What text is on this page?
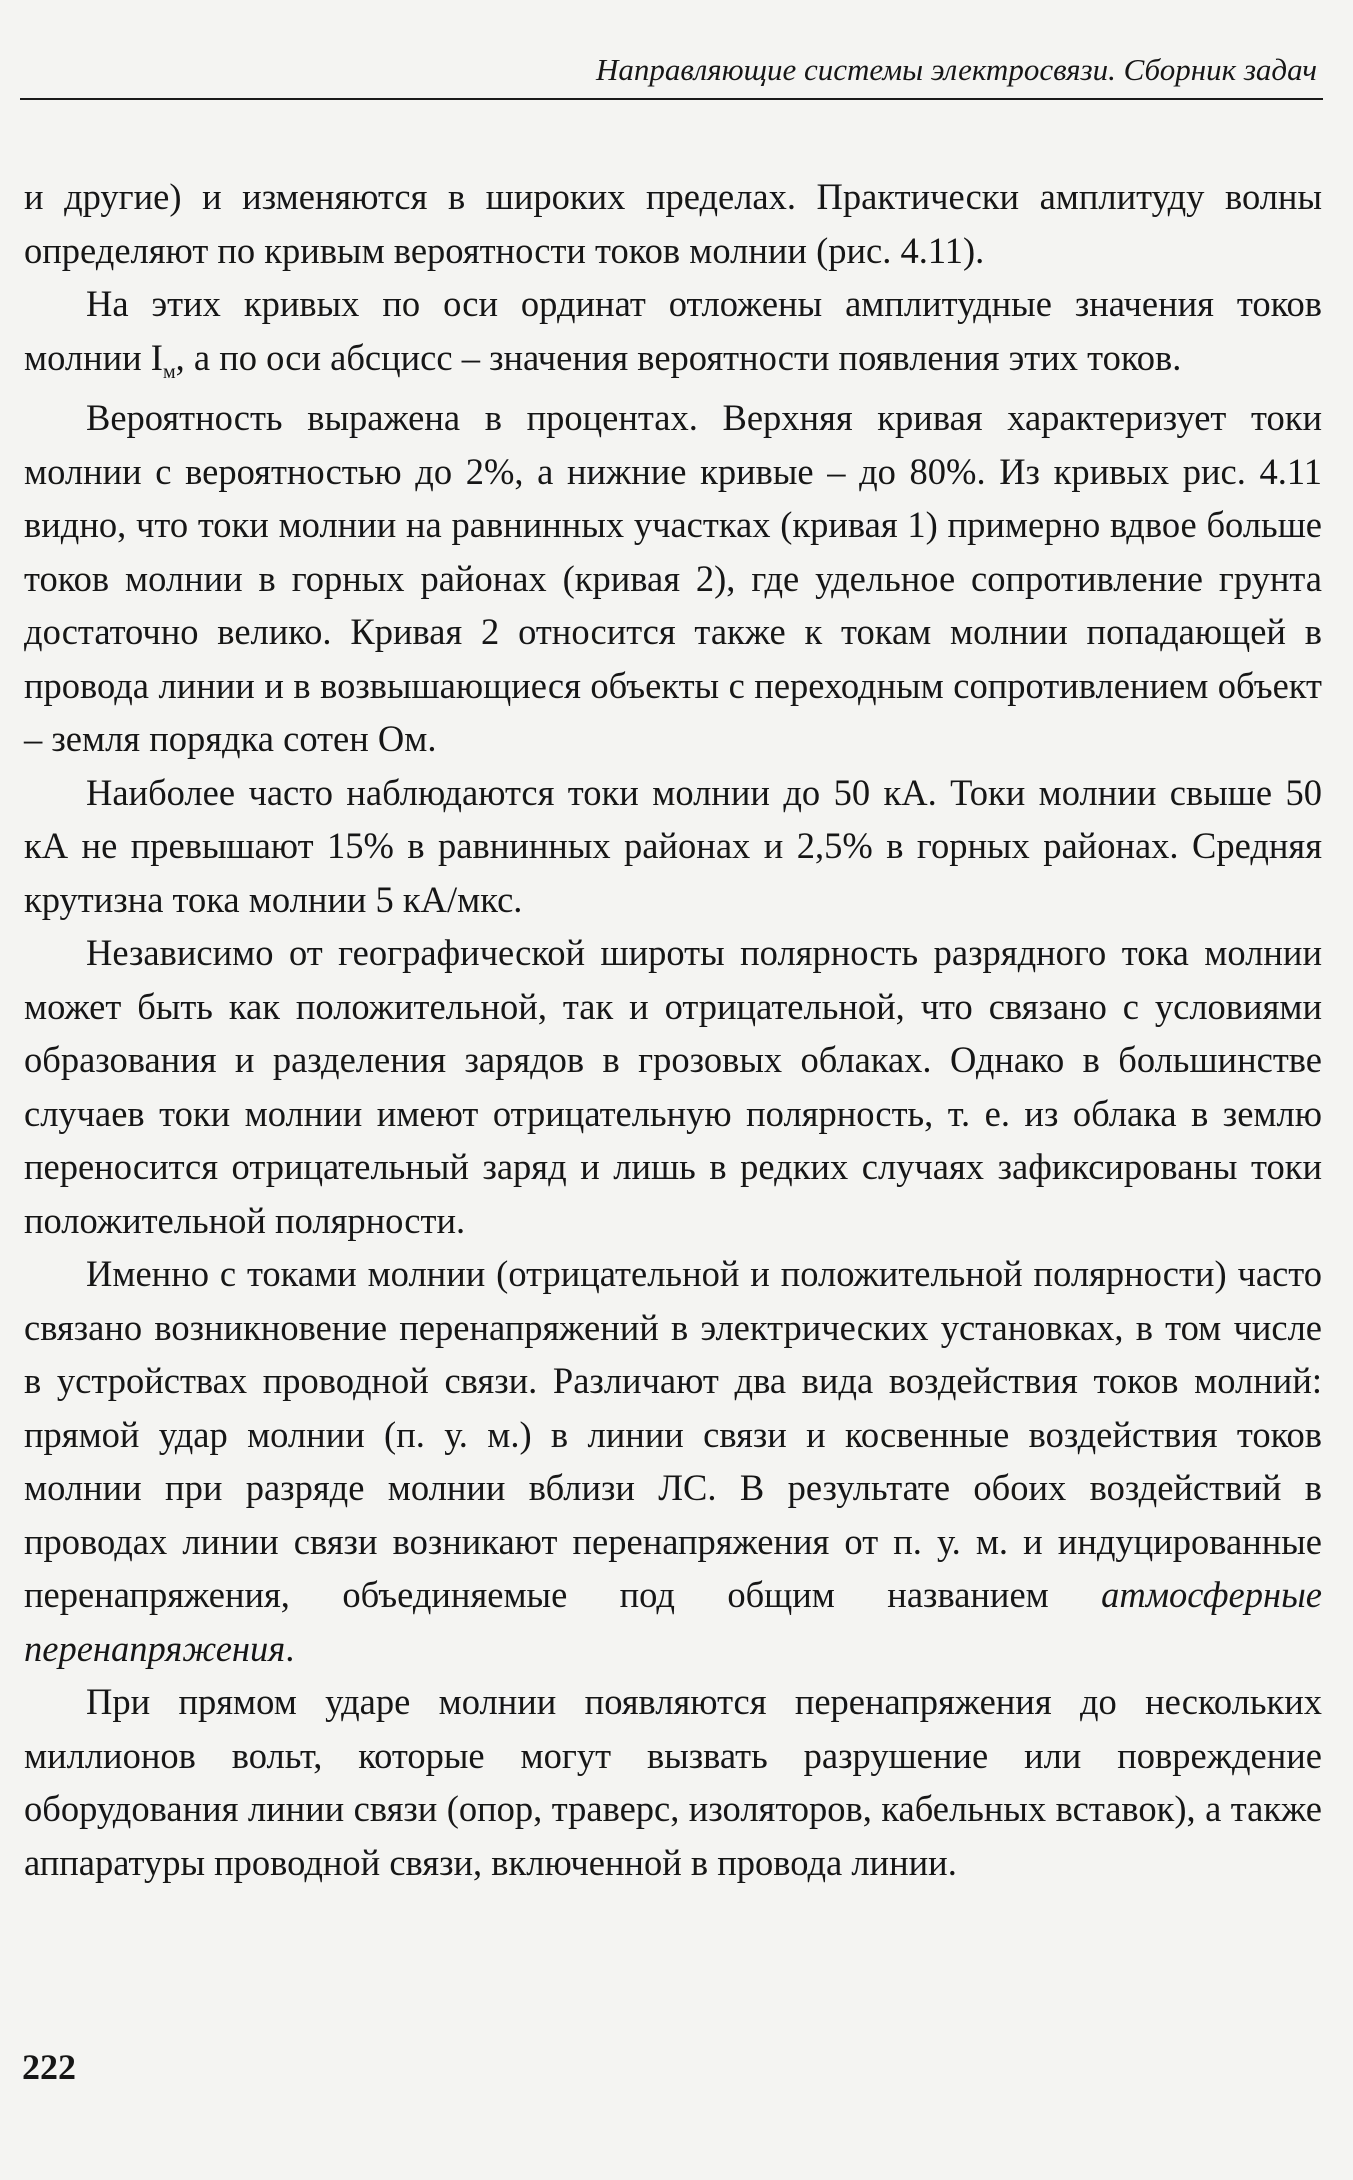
Направляющие системы электросвязи. Сборник задач

и другие) и изменяются в широких пределах. Практически амплитуду волны определяют по кривым вероятности токов молнии (рис. 4.11).

На этих кривых по оси ординат отложены амплитудные значения токов молнии $I_м$, а по оси абсцисс – значения вероятности появления этих токов.

Вероятность выражена в процентах. Верхняя кривая характеризует токи молнии с вероятностью до 2%, а нижние кривые – до 80%. Из кривых рис. 4.11 видно, что токи молнии на равнинных участках (кривая 1) примерно вдвое больше токов молнии в горных районах (кривая 2), где удельное сопротивление грунта достаточно велико. Кривая 2 относится также к токам молнии попадающей в провода линии и в возвышающиеся объекты с переходным сопротивлением объект – земля порядка сотен Ом.

Наиболее часто наблюдаются токи молнии до 50 кА. Токи молнии свыше 50 кА не превышают 15% в равнинных районах и 2,5% в горных районах. Средняя крутизна тока молнии 5 кА/мкс.

Независимо от географической широты полярность разрядного тока молнии может быть как положительной, так и отрицательной, что связано с условиями образования и разделения зарядов в грозовых облаках. Однако в большинстве случаев токи молнии имеют отрицательную полярность, т. е. из облака в землю переносится отрицательный заряд и лишь в редких случаях зафиксированы токи положительной полярности.

Именно с токами молнии (отрицательной и положительной полярности) часто связано возникновение перенапряжений в электрических установках, в том числе в устройствах проводной связи. Различают два вида воздействия токов молний: прямой удар молнии (п. у. м.) в линии связи и косвенные воздействия токов молнии при разряде молнии вблизи ЛС. В результате обоих воздействий в проводах линии связи возникают перенапряжения от п. у. м. и индуцированные перенапряжения, объединяемые под общим названием атмосферные перенапряжения.

При прямом ударе молнии появляются перенапряжения до нескольких миллионов вольт, которые могут вызвать разрушение или повреждение оборудования линии связи (опор, траверс, изоляторов, кабельных вставок), а также аппаратуры проводной связи, включенной в провода линии.

222
